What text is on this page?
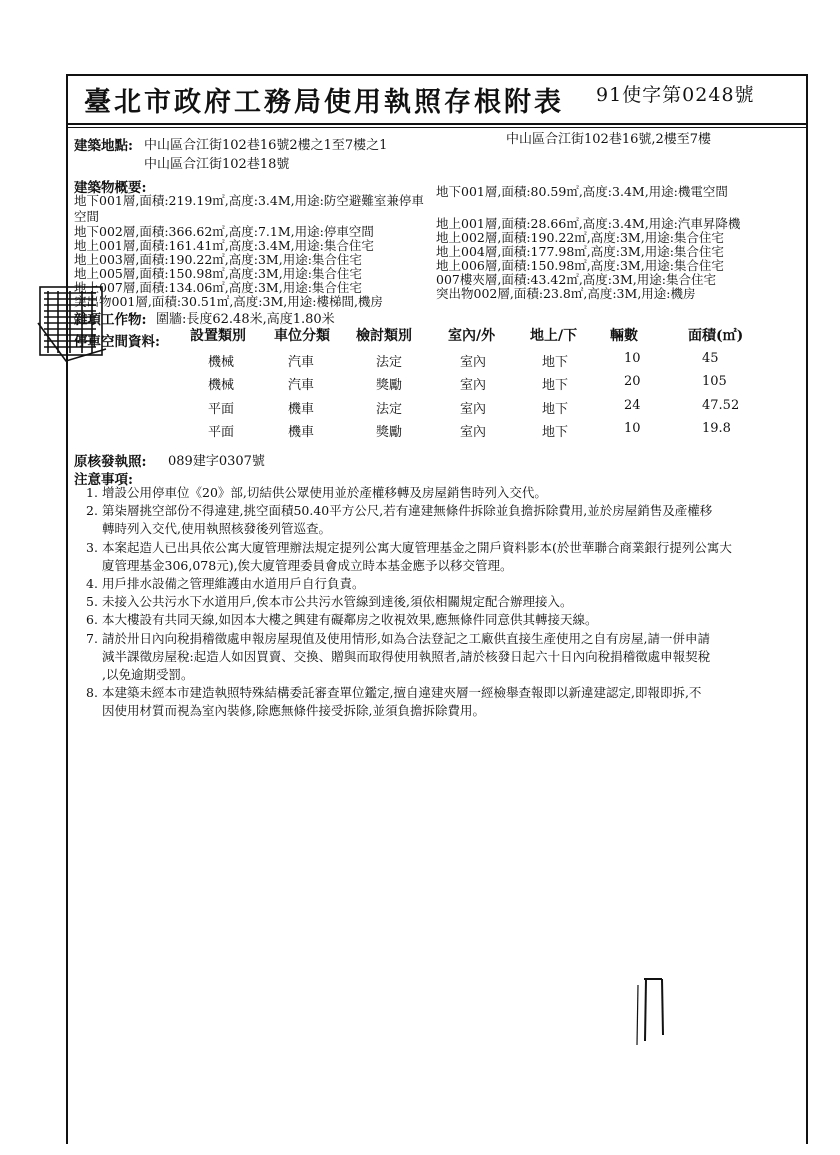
臺北市政府工務局使用執照存根附表 91使字第0248號
建築地點: 中山區合江街102巷16號2樓之1至7樓之1
中山區合江街102巷18號
中山區合江街102巷16號,2樓至7樓
建築物概要:
地下001層,面積:219.19㎡,高度:3.4M,用途:防空避難室兼停車
地下001層,面積:80.59㎡,高度:3.4M,用途:機電空間
空間
地下002層,面積:366.62㎡,高度:7.1M,用途:停車空間
地上001層,面積:161.41㎡,高度:3.4M,用途:集合住宅
地上003層,面積:190.22㎡,高度:3M,用途:集合住宅
地上005層,面積:150.98㎡,高度:3M,用途:集合住宅
地上007層,面積:134.06㎡,高度:3M,用途:集合住宅
突出物001層,面積:30.51㎡,高度:3M,用途:樓梯間,機房
地上001層,面積:28.66㎡,高度:3.4M,用途:汽車昇降機
地上002層,面積:190.22㎡,高度:3M,用途:集合住宅
地上004層,面積:177.98㎡,高度:3M,用途:集合住宅
地上006層,面積:150.98㎡,高度:3M,用途:集合住宅
007樓夾層,面積:43.42㎡,高度:3M,用途:集合住宅
突出物002層,面積:23.8㎡,高度:3M,用途:機房
雜項工作物: 圍牆:長度62.48米,高度1.80米
停車空間資料: 設置類別 車位分類 檢討類別	室內/外 地上/下 輛數	面積(㎡)
機械	汽車	法定	室內	地下	10	45
機械	汽車	獎勵	室內	地下	20	105
平面	機車	法定	室內	地下	24	47.52
平面	機車	獎勵	室內	地下	10	19.8
原核發執照: 089建字0307號
注意事項:
1. 增設公用停車位《20》部,切結供公眾使用並於產權移轉及房屋銷售時列入交代。
2. 第柒層挑空部份不得違建,挑空面積50.40平方公尺,若有違建無條件拆除並負擔拆除費用,並於房屋銷售及產權移
轉時列入交代,使用執照核發後列管巡查。
3. 本案起造人已出具依公寓大廈管理辦法規定提列公寓大廈管理基金之開戶資料影本(於世華聯合商業銀行提列公寓大
廈管理基金306,078元),俟大廈管理委員會成立時本基金應予以移交管理。
4. 用戶排水設備之管理維護由水道用戶自行負責。
5. 未接入公共污水下水道用戶,俟本市公共污水管線到達後,須依相關規定配合辦理接入。
6. 本大樓設有共同天線,如因本大樓之興建有礙鄰房之收視效果,應無條件同意供其轉接天線。
7. 請於卅日內向稅捐稽徵處申報房屋現值及使用情形,如為合法登記之工廠供直接生產使用之自有房屋,請一併申請
減半課徵房屋稅:起造人如因買賣、交換、贈與而取得使用執照者,請於核發日起六十日內向稅捐稽徵處申報契稅
,以免逾期受罰。
8. 本建築未經本市建造執照特殊結構委託審查單位鑑定,擅自違建夾層一經檢舉查報即以新違建認定,即報即拆,不
因使用材質而視為室內裝修,除應無條件接受拆除,並須負擔拆除費用。
